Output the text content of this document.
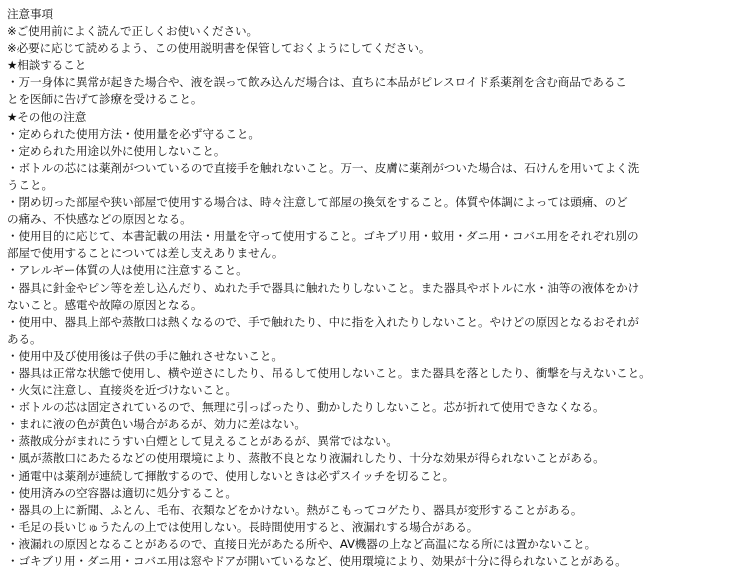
注意事項
※ご使用前によく読んで正しくお使いください。
※必要に応じて読めるよう、この使用説明書を保管しておくようにしてください。
★相談すること
・万一身体に異常が起きた場合や、液を誤って飲み込んだ場合は、直ちに本品がピレスロイド系薬剤を含む商品であるこ
とを医師に告げて診療を受けること。
★その他の注意
・定められた使用方法・使用量を必ず守ること。
・定められた用途以外に使用しないこと。
・ボトルの芯には薬剤がついているので直接手を触れないこと。万一、皮膚に薬剤がついた場合は、石けんを用いてよく洗
うこと。
・閉め切った部屋や狭い部屋で使用する場合は、時々注意して部屋の換気をすること。体質や体調によっては頭痛、のど
の痛み、不快感などの原因となる。
・使用目的に応じて、本書記載の用法・用量を守って使用すること。ゴキブリ用・蚊用・ダニ用・コバエ用をそれぞれ別の
部屋で使用することについては差し支えありません。
・アレルギー体質の人は使用に注意すること。
・器具に針金やピン等を差し込んだり、ぬれた手で器具に触れたりしないこと。また器具やボトルに水・油等の液体をかけ
ないこと。感電や故障の原因となる。
・使用中、器具上部や蒸散口は熱くなるので、手で触れたり、中に指を入れたりしないこと。やけどの原因となるおそれが
ある。
・使用中及び使用後は子供の手に触れさせないこと。
・器具は正常な状態で使用し、横や逆さにしたり、吊るして使用しないこと。また器具を落としたり、衝撃を与えないこと。
・火気に注意し、直接炎を近づけないこと。
・ボトルの芯は固定されているので、無理に引っぱったり、動かしたりしないこと。芯が折れて使用できなくなる。
・まれに液の色が黄色い場合があるが、効力に差はない。
・蒸散成分がまれにうすい白煙として見えることがあるが、異常ではない。
・風が蒸散口にあたるなどの使用環境により、蒸散不良となり液漏れしたり、十分な効果が得られないことがある。
・通電中は薬剤が連続して揮散するので、使用しないときは必ずスイッチを切ること。
・使用済みの空容器は適切に処分すること。
・器具の上に新聞、ふとん、毛布、衣類などをかけない。熱がこもってコゲたり、器具が変形することがある。
・毛足の長いじゅうたんの上では使用しない。長時間使用すると、液漏れする場合がある。
・液漏れの原因となることがあるので、直接日光があたる所や、AV機器の上など高温になる所には置かないこと。
・ゴキブリ用・ダニ用・コバエ用は窓やドアが開いているなど、使用環境により、効果が十分に得られないことがある。
